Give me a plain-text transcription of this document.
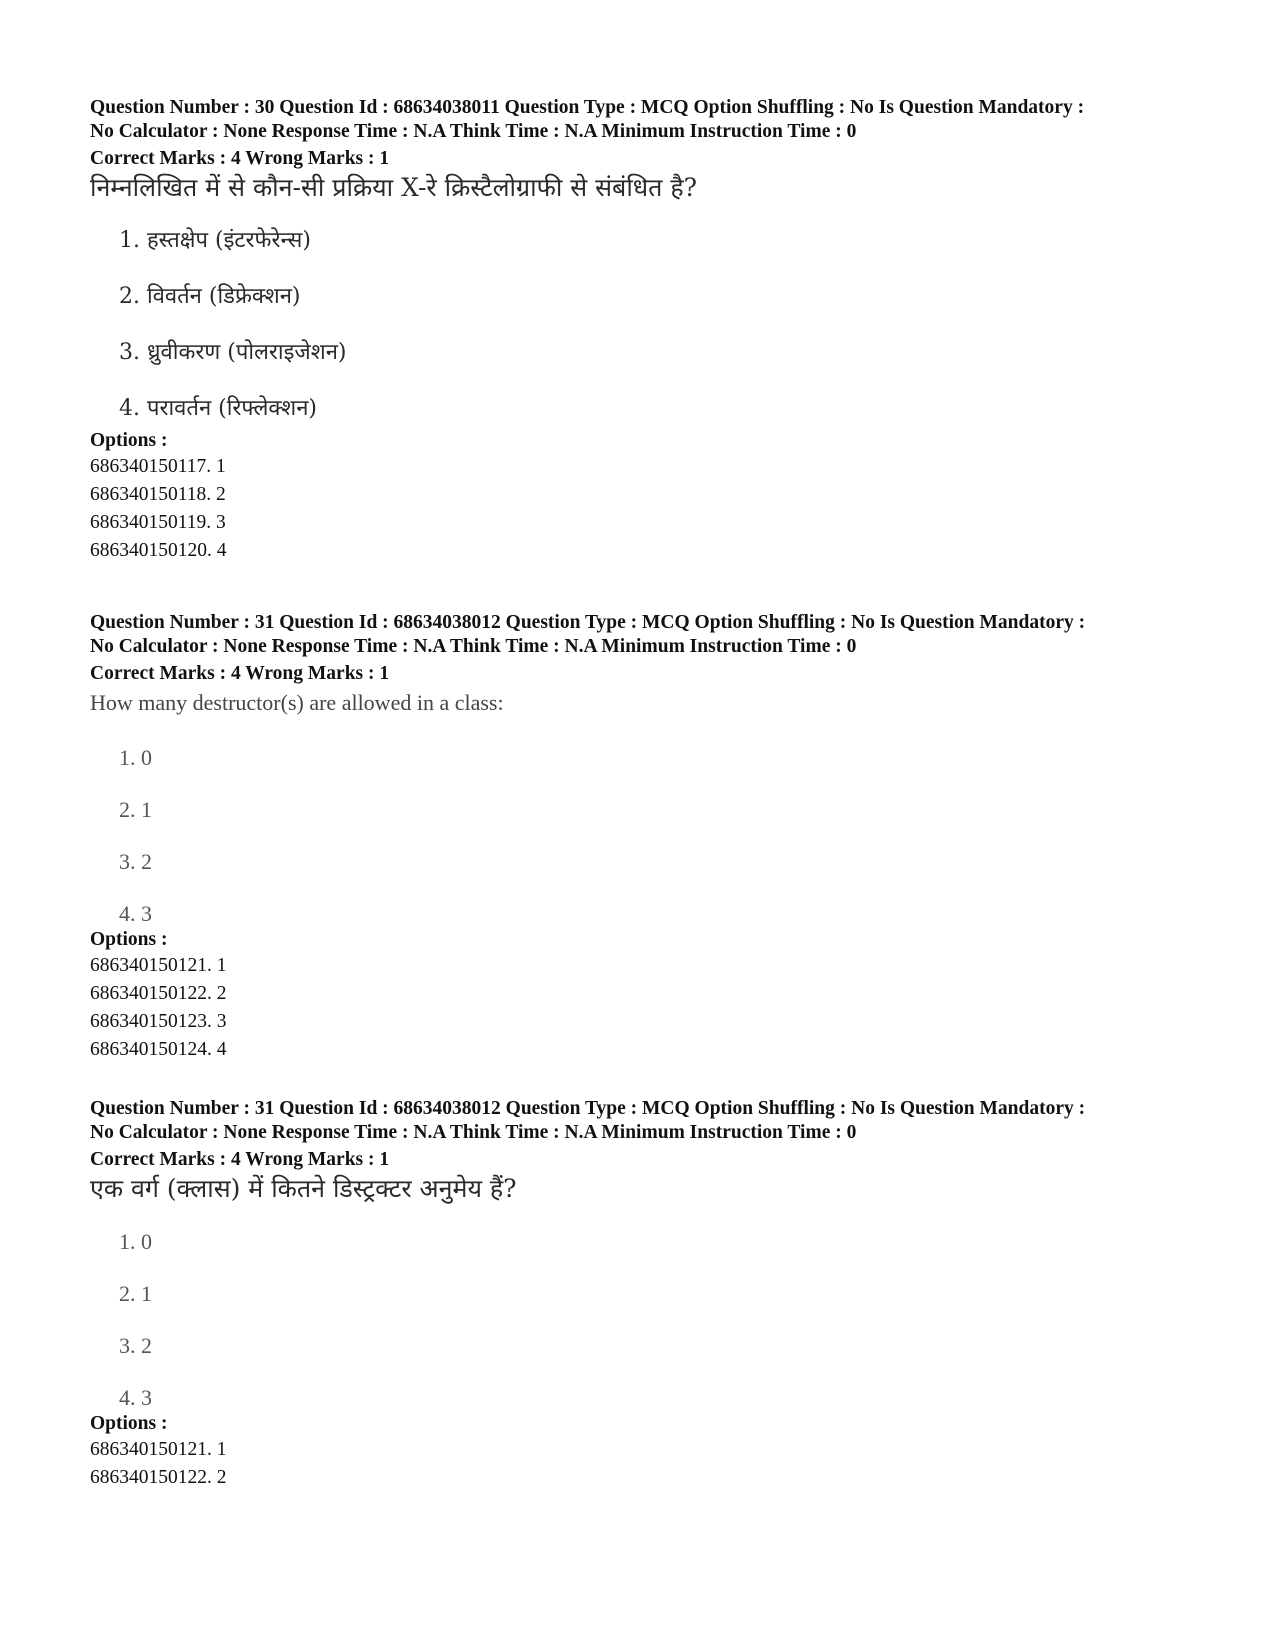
Question Number : 30 Question Id : 68634038011 Question Type : MCQ Option Shuffling : No Is Question Mandatory :
No Calculator : None Response Time : N.A Think Time : N.A Minimum Instruction Time : 0
Correct Marks : 4 Wrong Marks : 1
निम्नलिखित में से कौन-सी प्रक्रिया X-रे क्रिस्टैलोग्राफी से संबंधित है?
1. हस्तक्षेप (इंटरफेरेन्स)
2. विवर्तन (डिफ्रेक्शन)
3. ध्रुवीकरण (पोलराइजेशन)
4. परावर्तन (रिफ्लेक्शन)
Options :
686340150117. 1
686340150118. 2
686340150119. 3
686340150120. 4
Question Number : 31 Question Id : 68634038012 Question Type : MCQ Option Shuffling : No Is Question Mandatory :
No Calculator : None Response Time : N.A Think Time : N.A Minimum Instruction Time : 0
Correct Marks : 4 Wrong Marks : 1
How many destructor(s) are allowed in a class:
1. 0
2. 1
3. 2
4. 3
Options :
686340150121. 1
686340150122. 2
686340150123. 3
686340150124. 4
Question Number : 31 Question Id : 68634038012 Question Type : MCQ Option Shuffling : No Is Question Mandatory :
No Calculator : None Response Time : N.A Think Time : N.A Minimum Instruction Time : 0
Correct Marks : 4 Wrong Marks : 1
एक वर्ग (क्लास) में कितने डिस्ट्रक्टर अनुमेय हैं?
1. 0
2. 1
3. 2
4. 3
Options :
686340150121. 1
686340150122. 2
